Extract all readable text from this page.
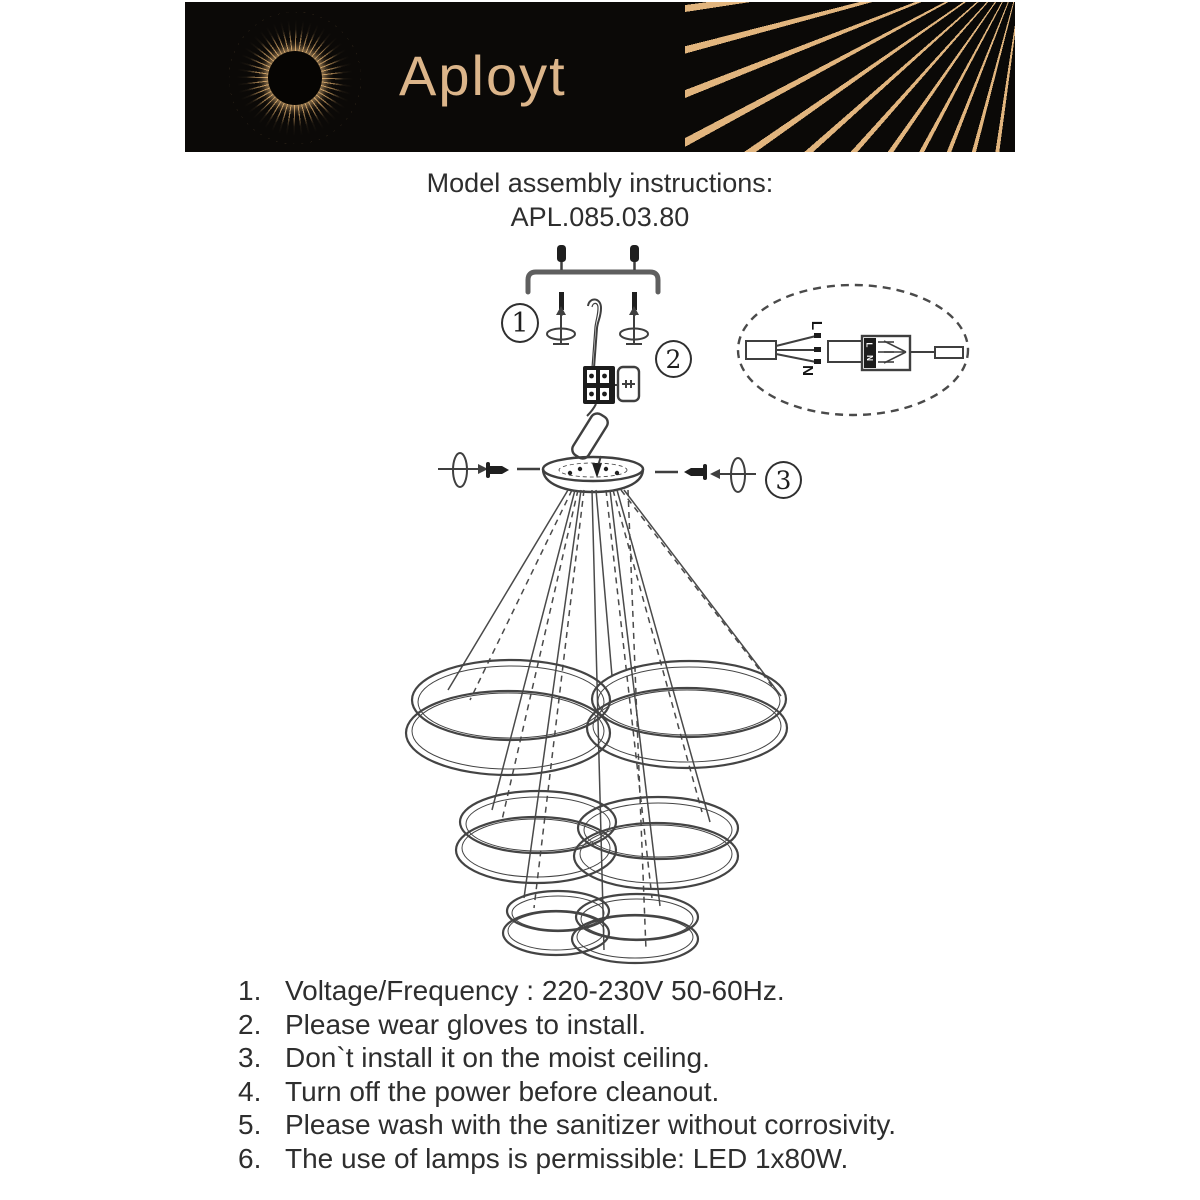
Aployt
Model assembly instructions:
APL.085.03.80
1
2
3
L
N
L
N
1. Voltage/Frequency : 220-230V 50-60Hz.
2. Please wear gloves to install.
3. Don`t install it on the moist ceiling.
4. Turn off the power before cleanout.
5. Please wash with the sanitizer without corrosivity.
6. The use of lamps is permissible: LED 1x80W.
